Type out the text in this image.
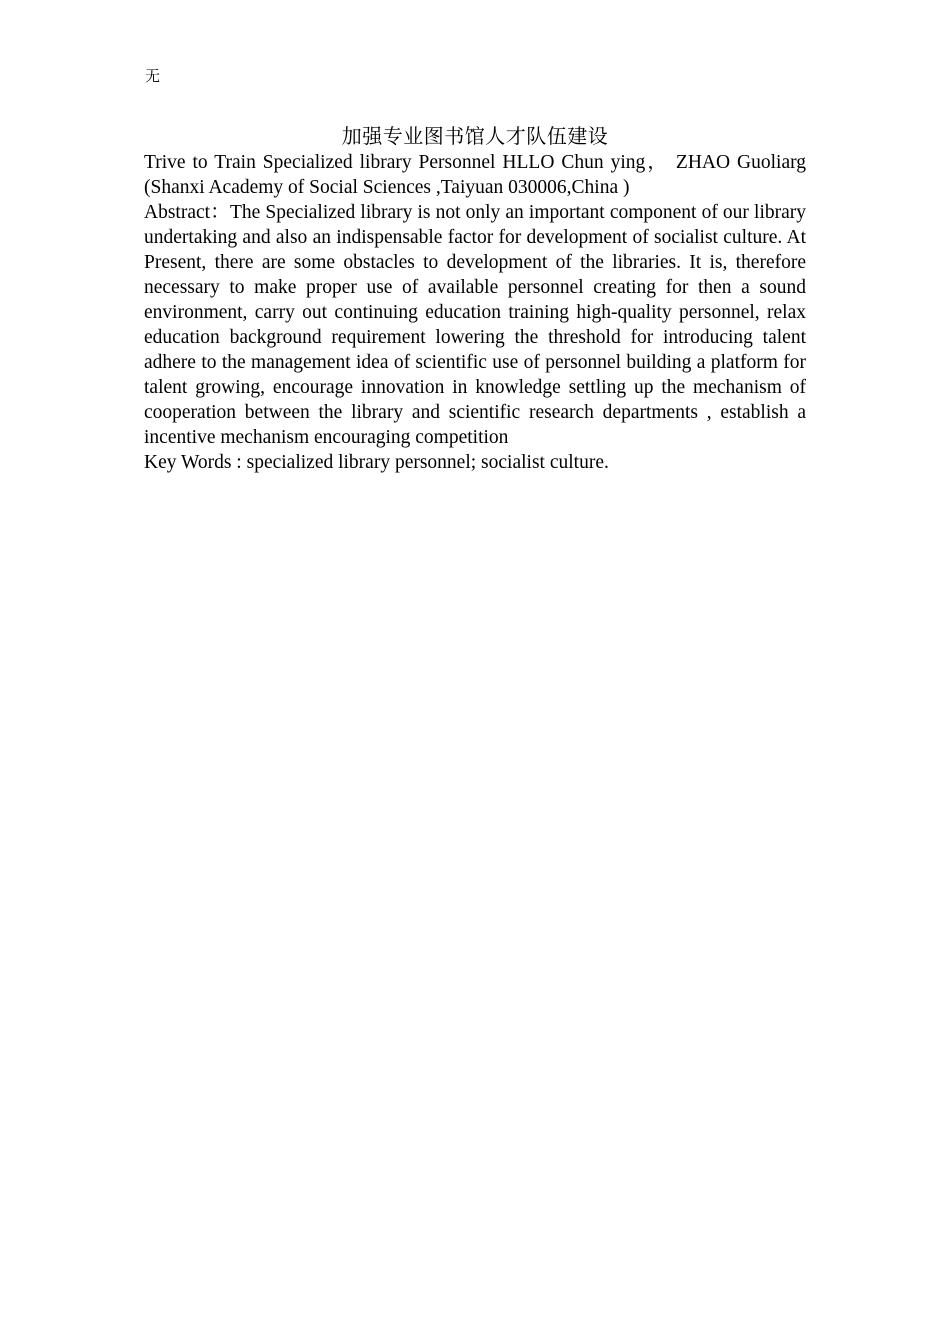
无
加强专业图书馆人才队伍建设

Trive to Train Specialized library Personnel HLLO Chun ying， ZHAO Guoliarg (Shanxi Academy of Social Sciences ,Taiyuan 030006,China )

Abstract：The Specialized library is not only an important component of our library undertaking and also an indispensable factor for development of socialist culture. At Present, there are some obstacles to development of the libraries. It is, therefore necessary to make proper use of available personnel creating for then a sound environment, carry out continuing education training high-quality personnel, relax education background requirement lowering the threshold for introducing talent adhere to the management idea of scientific use of personnel building a platform for talent growing, encourage innovation in knowledge settling up the mechanism of cooperation between the library and scientific research departments , establish a incentive mechanism encouraging competition

Key Words : specialized library personnel; socialist culture.
